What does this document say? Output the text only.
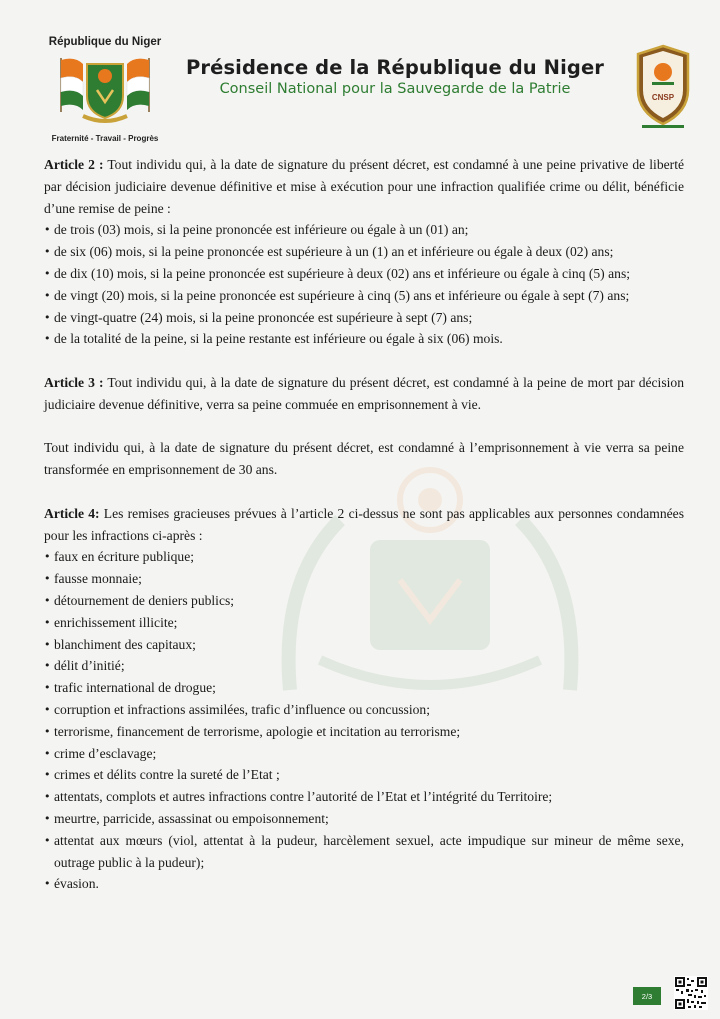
République du Niger
Fraternité - Travail - Progrès
Présidence de la République du Niger
Conseil National pour la Sauvegarde de la Patrie
CNSP

Article 2 : Tout individu qui, à la date de signature du présent décret, est condamné à une peine privative de liberté par décision judiciaire devenue définitive et mise à exécution pour une infraction qualifiée crime ou délit, bénéficie d’une remise de peine :

• de trois (03) mois, si la peine prononcée est inférieure ou égale à un (01) an;
• de six (06) mois, si la peine prononcée est supérieure à un (1) an et inférieure ou égale à deux (02) ans;
• de dix (10) mois, si la peine prononcée est supérieure à deux (02) ans et inférieure ou égale à cinq (5) ans;
• de vingt (20) mois, si la peine prononcée est supérieure à cinq (5) ans et inférieure ou égale à sept (7) ans;
• de vingt-quatre (24) mois, si la peine prononcée est supérieure à sept (7) ans;
• de la totalité de la peine, si la peine restante est inférieure ou égale à six (06) mois.

Article 3 : Tout individu qui, à la date de signature du présent décret, est condamné à la peine de mort par décision judiciaire devenue définitive, verra sa peine commuée en emprisonnement à vie.

Tout individu qui, à la date de signature du présent décret, est condamné à l’emprisonnement à vie verra sa peine transformée en emprisonnement de 30 ans.

Article 4: Les remises gracieuses prévues à l’article 2 ci-dessus ne sont pas applicables aux personnes condamnées pour les infractions ci-après :

• faux en écriture publique;
• fausse monnaie;
• détournement de deniers publics;
• enrichissement illicite;
• blanchiment des capitaux;
• délit d’initié;
• trafic international de drogue;
• corruption et infractions assimilées, trafic d’influence ou concussion;
• terrorisme, financement de terrorisme, apologie et incitation au terrorisme;
• crime d’esclavage;
• crimes et délits contre la sureté de l’Etat ;
• attentats, complots et autres infractions contre l’autorité de l’Etat et l’intégrité du Territoire;
• meurtre, parricide, assassinat ou empoisonnement;
• attentat aux mœurs (viol, attentat à la pudeur, harcèlement sexuel, acte impudique sur mineur de même sexe, outrage public à la pudeur);
• évasion.
2/3
